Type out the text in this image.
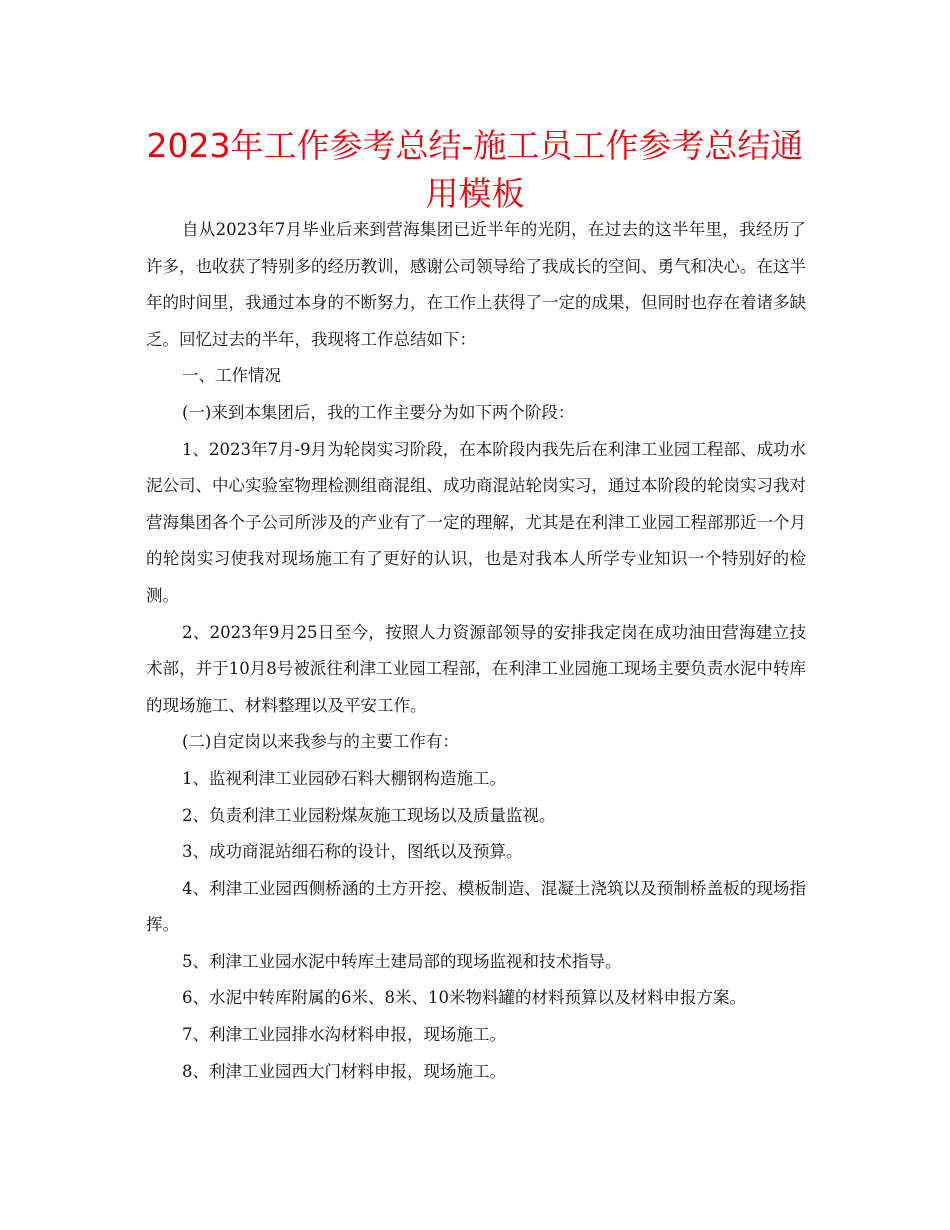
2023年工作参考总结-施工员工作参考总结通用模板

自从2023年7月毕业后来到营海集团已近半年的光阴，在过去的这半年里，我经历了许多，也收获了特别多的经历教训，感谢公司领导给了我成长的空间、勇气和决心。在这半年的时间里，我通过本身的不断努力，在工作上获得了一定的成果，但同时也存在着诸多缺乏。回忆过去的半年，我现将工作总结如下：

一、工作情况

(一)来到本集团后，我的工作主要分为如下两个阶段：

1、2023年7月-9月为轮岗实习阶段，在本阶段内我先后在利津工业园工程部、成功水泥公司、中心实验室物理检测组商混组、成功商混站轮岗实习，通过本阶段的轮岗实习我对营海集团各个子公司所涉及的产业有了一定的理解，尤其是在利津工业园工程部那近一个月的轮岗实习使我对现场施工有了更好的认识，也是对我本人所学专业知识一个特别好的检测。

2、2023年9月25日至今，按照人力资源部领导的安排我定岗在成功油田营海建立技术部，并于10月8号被派往利津工业园工程部，在利津工业园施工现场主要负责水泥中转库的现场施工、材料整理以及平安工作。

(二)自定岗以来我参与的主要工作有：

1、监视利津工业园砂石料大棚钢构造施工。

2、负责利津工业园粉煤灰施工现场以及质量监视。

3、成功商混站细石称的设计，图纸以及预算。

4、利津工业园西侧桥涵的土方开挖、模板制造、混凝土浇筑以及预制桥盖板的现场指挥。

5、利津工业园水泥中转库土建局部的现场监视和技术指导。

6、水泥中转库附属的6米、8米、10米物料罐的材料预算以及材料申报方案。

7、利津工业园排水沟材料申报，现场施工。

8、利津工业园西大门材料申报，现场施工。
